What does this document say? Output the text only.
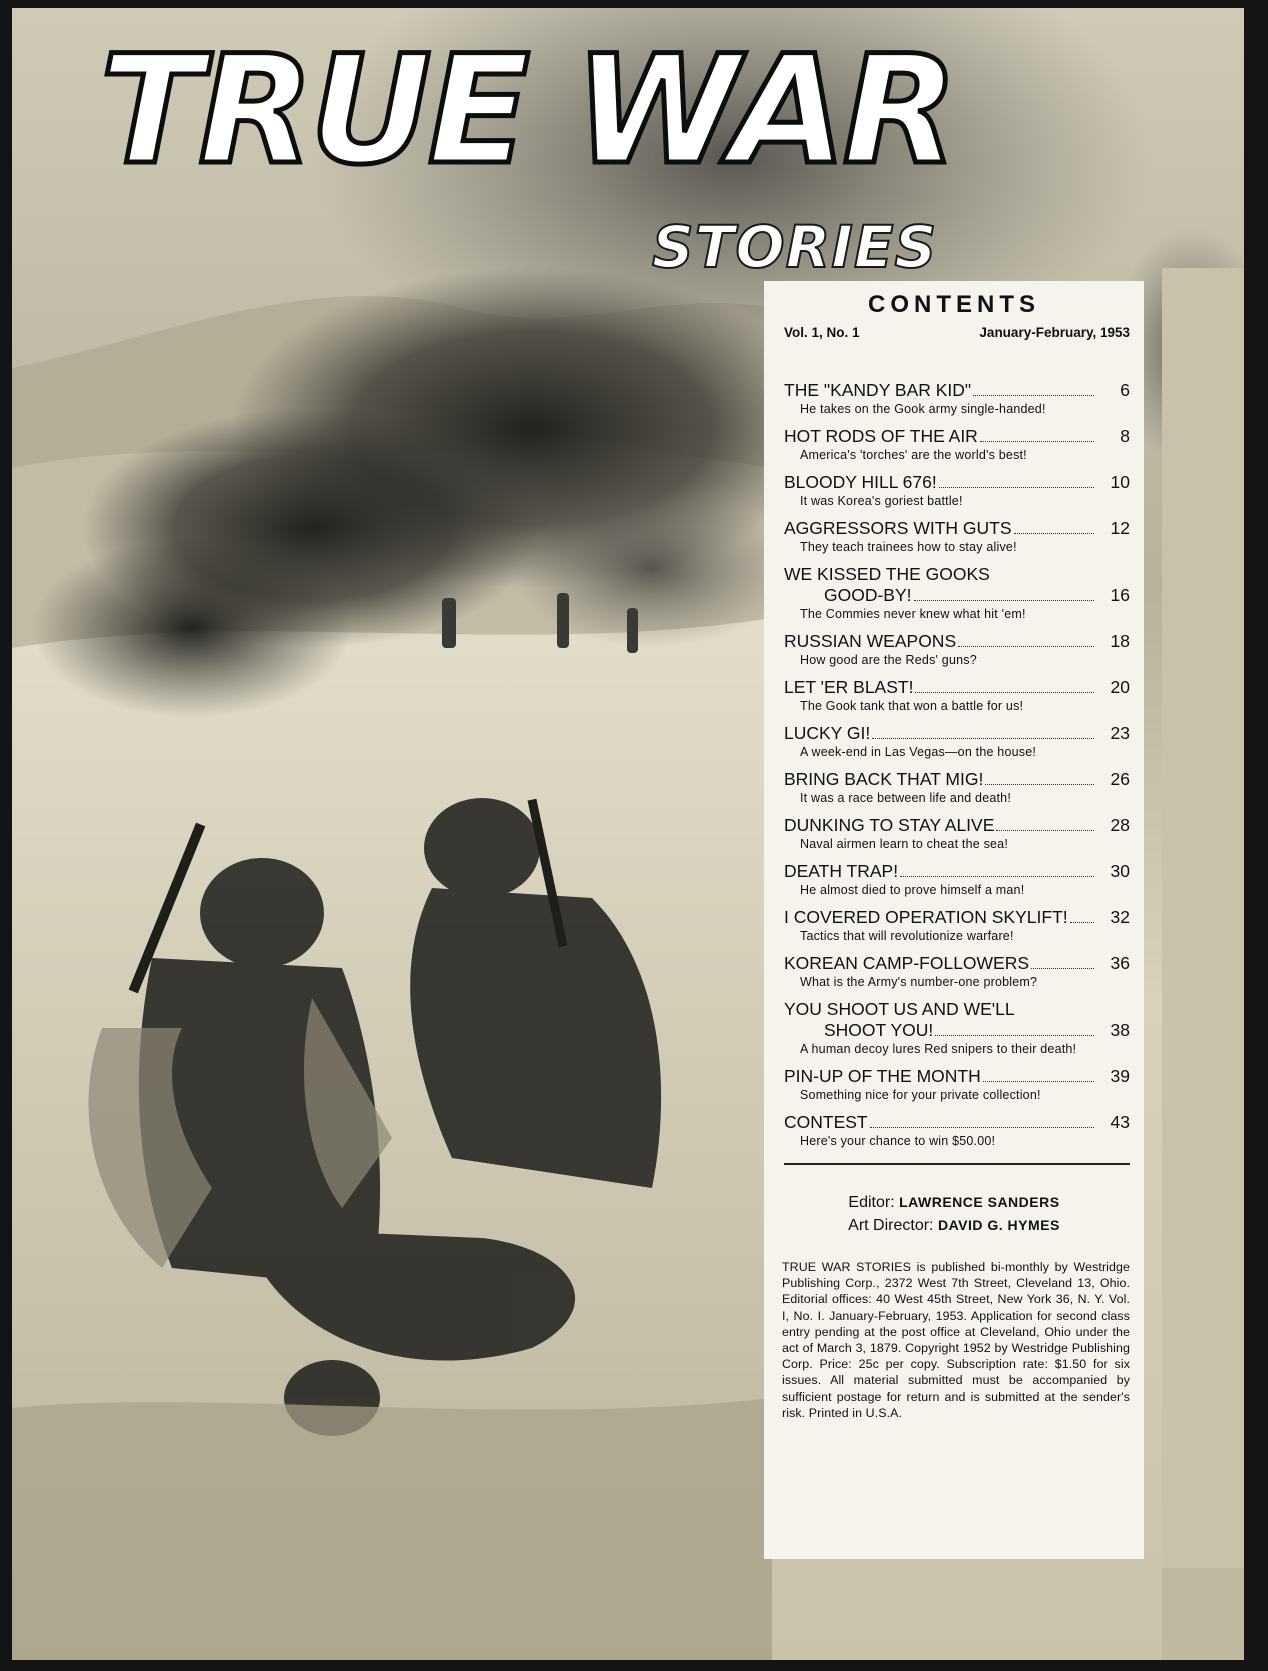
TRUE WAR
STORIES

CONTENTS

Vol. 1, No. 1	January-February, 1953
THE "KANDY BAR KID"	6
He takes on the Gook army single-handed!
HOT RODS OF THE AIR	8
America's 'torches' are the world's best!
BLOODY HILL 676!	10
It was Korea's goriest battle!
AGGRESSORS WITH GUTS	12
They teach trainees how to stay alive!
WE KISSED THE GOOKS
GOOD-BY!	16
The Commies never knew what hit 'em!
RUSSIAN WEAPONS	18
How good are the Reds' guns?
LET 'ER BLAST!	20
The Gook tank that won a battle for us!
LUCKY GI!	23
A week-end in Las Vegas—on the house!
BRING BACK THAT MIG!	26
It was a race between life and death!
DUNKING TO STAY ALIVE	28
Naval airmen learn to cheat the sea!
DEATH TRAP!	30
He almost died to prove himself a man!
I COVERED OPERATION SKYLIFT!	32
Tactics that will revolutionize warfare!
KOREAN CAMP-FOLLOWERS	36
What is the Army's number-one problem?
YOU SHOOT US AND WE'LL
SHOOT YOU!	38
A human decoy lures Red snipers to their death!
PIN-UP OF THE MONTH	39
Something nice for your private collection!
CONTEST	43
Here's your chance to win $50.00!
Editor: LAWRENCE SANDERS
Art Director: DAVID G. HYMES

TRUE WAR STORIES is published bi-monthly by Westridge Publishing Corp., 2372 West 7th Street, Cleveland 13, Ohio. Editorial offices: 40 West 45th Street, New York 36, N. Y. Vol. I, No. I. January-February, 1953. Application for second class entry pending at the post office at Cleveland, Ohio under the act of March 3, 1879. Copyright 1952 by Westridge Publishing Corp. Price: 25c per copy. Subscription rate: $1.50 for six issues. All material submitted must be accompanied by sufficient postage for return and is submitted at the sender's risk. Printed in U.S.A.
